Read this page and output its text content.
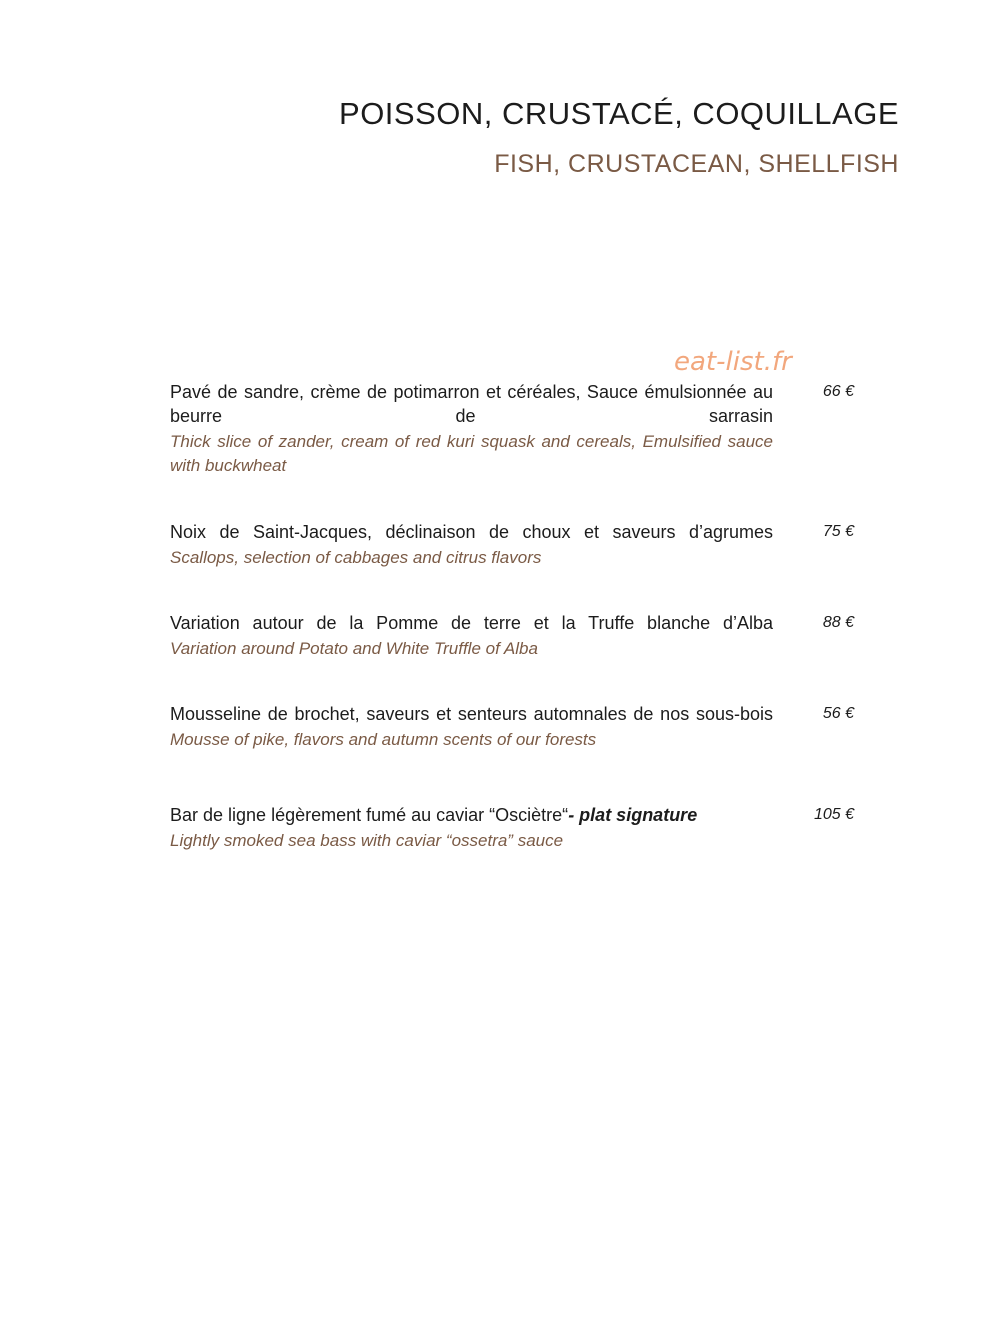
POISSON, CRUSTACÉ, COQUILLAGE
FISH, CRUSTACEAN, SHELLFISH
eat-list.fr
Pavé de sandre, crème de potimarron et céréales, Sauce émulsionnée au beurre de sarrasin
Thick slice of zander, cream of red kuri squask and cereals, Emulsified sauce with buckwheat
66 €
Noix de Saint-Jacques, déclinaison de choux et saveurs d’agrumes
Scallops, selection of cabbages and citrus flavors
75 €
Variation autour de la Pomme de terre et la Truffe blanche d’Alba
Variation around Potato and White Truffle of Alba
88 €
Mousseline de brochet, saveurs et senteurs automnales de nos sous-bois
Mousse of pike, flavors and autumn scents of our forests
56 €
Bar de ligne légèrement fumé au caviar “Osciètre“- plat signature
Lightly smoked sea bass with caviar “ossetra” sauce
105 €
